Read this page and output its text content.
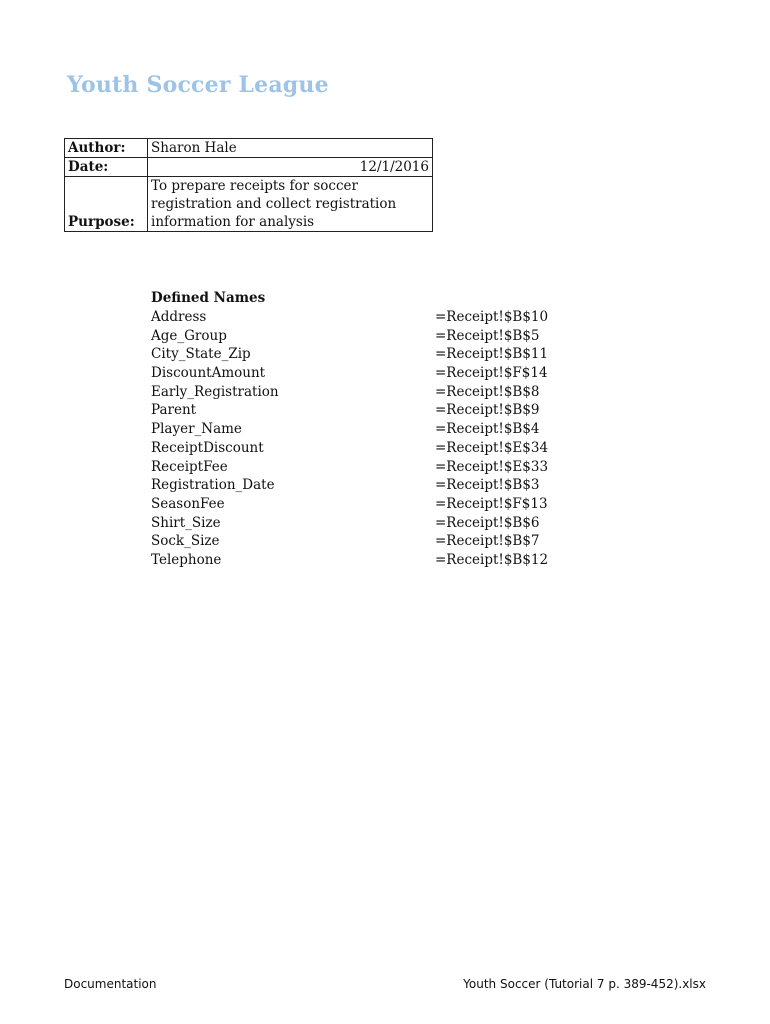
Youth Soccer League
Author:	Sharon Hale
Date:	12/1/2016
Purpose:	To prepare receipts for soccer registration and collect registration information for analysis
Defined Names
Address	=Receipt!$B$10
Age_Group	=Receipt!$B$5
City_State_Zip	=Receipt!$B$11
DiscountAmount	=Receipt!$F$14
Early_Registration	=Receipt!$B$8
Parent	=Receipt!$B$9
Player_Name	=Receipt!$B$4
ReceiptDiscount	=Receipt!$E$34
ReceiptFee	=Receipt!$E$33
Registration_Date	=Receipt!$B$3
SeasonFee	=Receipt!$F$13
Shirt_Size	=Receipt!$B$6
Sock_Size	=Receipt!$B$7
Telephone	=Receipt!$B$12
Documentation	Youth Soccer (Tutorial 7 p. 389-452).xlsx
